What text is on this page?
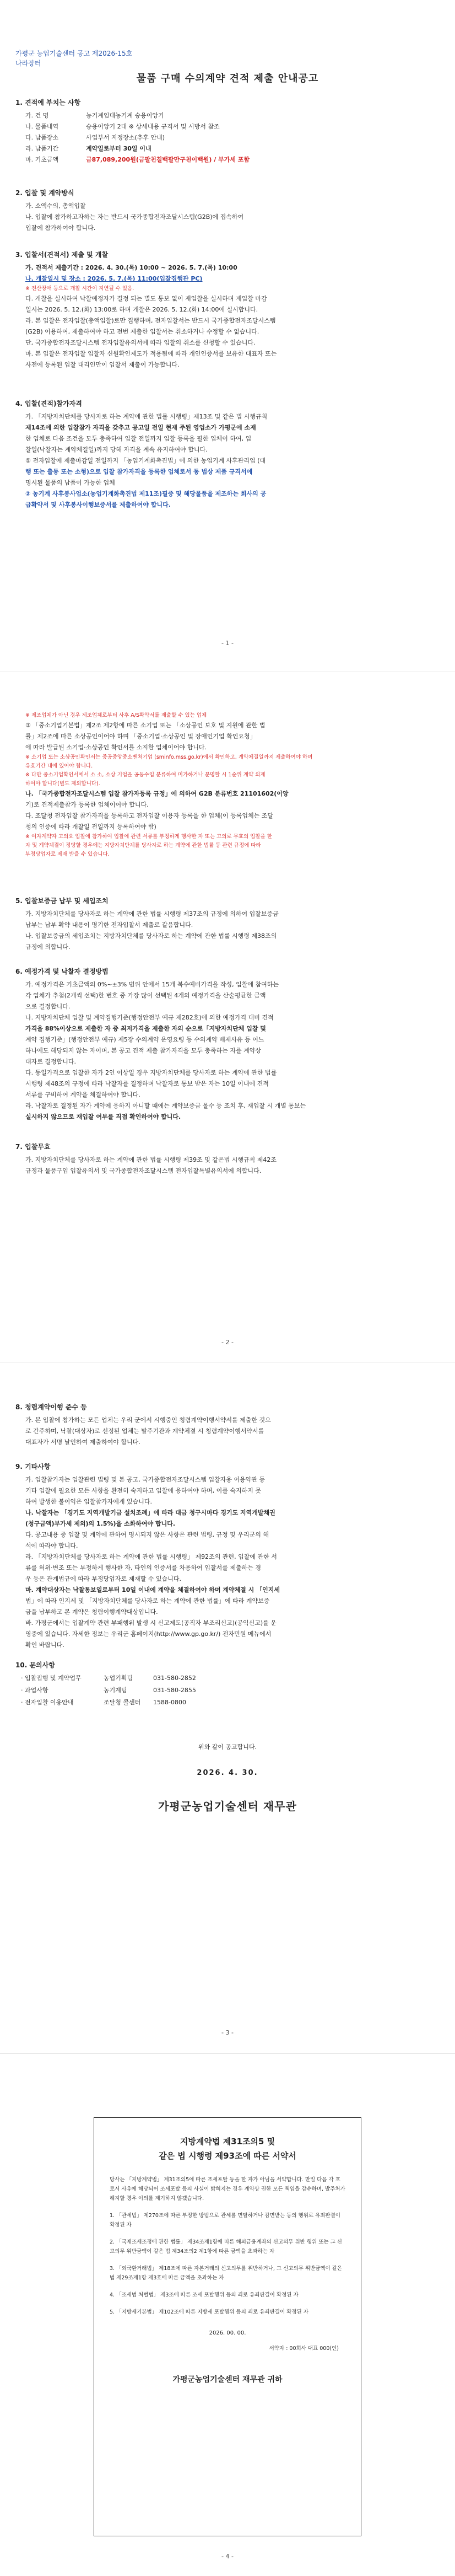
가평군 농업기술센터 공고 제2026-15호
나라장터
물품 구매 수의계약 견적 제출 안내공고
1. 견적에 부치는 사항
가. 건 명	농기계임대농기계 숭용이앙기
나. 물품내역	승용이앙기 2대 ※ 상세내용 규격서 및 시방서 참조
다. 납품장소	사업부서 지정장소(추후 안내)
라. 납품기간	계약일로부터 30일 이내
마. 기초금액	금87,089,200원(금팔천칠백팔만구천이백원) / 부가세 포함
2. 입찰 및 계약방식
가. 소액수의, 총액입찰
나. 입찰에 참가하고자하는 자는 반드시 국가종합전자조달시스템(G2B)에 접속하여
입찰에 참가하여야 합니다.
3. 입찰서(견적서) 제출 및 개찰
가. 견적서 제출기간 : 2026. 4. 30.(목) 10:00 ~ 2026. 5. 7.(목) 10:00
나. 개찰일시 및 장소 : 2026. 5. 7.(목) 11:00(입찰집행관 PC)
※ 전산장애 등으로 개찰 시간이 지연될 수 있음.
다. 개찰을 실시하여 낙찰예정자가 결정 되는 별도 통보 없이 재입찰을 실시하며 재입찰 마감
일시는 2026. 5. 12.(화) 13:00로 하며 개찰은 2026. 5. 12.(화) 14:00에 실시합니다.
라. 본 입찰은 전자입찰(총액입찰)로만 집행하며, 전자입찰서는 반드시 국가종합전자조달시스템
(G2B) 이용하여, 제출하여야 하고 전번 제출한 입찰서는 취소하거나 수정할 수 없습니다.
단, 국가종합전자조달시스템 전자입찰유의서에 따라 입찰의 취소를 신청할 수 있습니다.
마. 본 입찰은 전자입찰 입찰자 신원확인제도가 적용됨에 따라 개인인증서를 보유한 대표자 또는
사전에 등록된 입찰 대리인만이 입찰서 제출이 가능합니다.
4. 입찰(견적)참가자격
가. 「지방자치단체를 당사자로 하는 계약에 관한 법률 시행령」제13조 및 같은 법 시행규칙
제14조에 의한 입찰참가 자격을 갖추고 공고일 전일 현재 주된 영업소가 가평군에 소재
한 업체로 다음 조건을 모두 충족하여 입찰 전일까지 입찰 등록을 필한 업체이 하여, 입
찰일(낙찰자는 계약체결일)까지 당해 자격을 계속 유지하여야 합니다.
① 전자입찰에 제출마감일 전일까지 「농업기계화촉진법」에 의한 농업기계 사후관리업 (대
행 또는 출동 또는 소형)으로 입찰 참가자격을 등록한 업체로서 동 법상 제품 규격서에
명시된 물품의 납품이 가능한 업체
② 농기계 사후봉사업소(농업기계화촉진법 제11조)필증 및 해당물품을 제조하는 회사의 공
급확약서 및 사후봉사이행보증서를 제출하여야 합니다.
- 1 -
※ 제조업체가 아닌 경우 제조업체로부터 사후 A/S확약서를 제출할 수 있는 업체
③ 「중소기업기본법」제2조 제2항에 따른 소기업 또는 「소상공인 보호 및 지원에 관한 법
률」제2조에 따른 소상공인이어야 하며 「중소기업·소상공인 및 장애인기업 확인요청」
에 따라 발급된 소기업·소상공인 확인서를 소지한 업체이어야 합니다.
※ 소기업 또는 소상공인확인서는 중공중앙중소벤처기업 (sminfo.mss.go.kr)에서 확인하고, 계약체결일까지 제출하여야 하며
유효기간 내에 있어야 합니다.
※ 다만 중소기업확인서에서 소 소, 소상 기업을 공동수입 분류하여 미가하거나 분명할 시 1순위 계약 의제
하여야 합니다(별도 제외합니다).
나. 「국가종합전자조달시스템 입찰 참가자등록 규정」에 의하여 G2B 분류번호 21101602(이앙
기)로 견적제출참가 등록한 업체이어야 합니다.
다. 조달청 전자입찰 참가자격을 등록하고 전자입찰 이용자 등록을 한 업체(이 등록업체는 조달
청의 인증에 따라 개찰일 전일까지 등록하여야 함)
※ 여자계약자 고의요 입찰에 참가하여 입찰에 관련 서류를 부정하게 행사한 자 또는 고의로 무효의 입찰을 한
자 및 계약체결이 정당할 경우에는 지방자치단체를 당사자로 하는 계약에 관한 법률 등 관련 규정에 따라
부정당업자로 제재 받을 수 있습니다.
5. 입찰보증금 납부 및 세입조치
가. 지방자치단체를 당사자로 하는 계약에 관한 법률 시행령 제37조의 규정에 의하여 입찰보증금
납부는 납부 확약 내용이 명기한 전자입찰서 제출로 갈음합니다.
나. 입찰보증금의 세입조치는 지방자치단체를 당사자로 하는 계약에 관한 법률 시행령 제38조의
규정에 의합니다.
6. 예정가격 및 낙찰자 결정방법
가. 예정가격은 기초금액의 0%~±3% 범위 안에서 15개 복수예비가격을 작성, 입찰에 참여하는
각 업체가 추첨(2개씩 선택)한 번호 중 가장 많이 선택된 4개의 예정가격을 산술평균한 금액
으로 결정합니다.
나. 지방자치단체 입찰 및 계약집행기준(행정안전부 예규 제282호)에 의한 예정가격 대비 견적
가격을 88%이상으로 제출한 자 중 최저가격을 제출한 자의 순으로「지방자치단체 입찰 및
계약 집행기준」(행정안전부 예규) 제5장 수의계약 운영요령 등 수의계약 배제사유 등 어느
하나에도 해당되지 않는 자이며, 본 공고 견적 제출 참가자격을 모두 충족하는 자를 계약상
대자로 결정합니다.
다. 동일가격으로 입찰한 자가 2인 이상일 경우 지방자치단체를 당사자로 하는 계약에 관한 법률
시행령 제48조의 규정에 따라 낙찰자를 결정하며 낙찰자로 통보 받은 자는 10일 이내에 견적
서류를 구비하여 계약을 체결하여야 합니다.
라. 낙찰자로 결정된 자가 계약에 응하지 아니할 때에는 계약보증금 몰수 등 조치 후, 재입찰 시 개별 통보는
실시하지 않으므로 재입찰 여부를 직접 확인하여야 합니다.
7. 입찰무효
가. 지방자치단체를 당사자로 하는 계약에 관한 법률 시행령 제39조 및 같은법 시행규칙 제42조
규정과 물품구입 입찰유의서 및 국가종합전자조달시스템 전자입찰특별유의서에 의합니다.
- 2 -
8. 청렴계약이행 준수 등
가. 본 입찰에 참가하는 모든 업체는 우리 군에서 시행중인 청렴계약이행서약서를 제출한 것으
로 간주하며, 낙찰(대상자)로 선정된 업체는 발주기관과 계약체결 시 청렴계약이행서약서를
대표자가 서명 날인하여 제출하여야 합니다.
9. 기타사항
가. 입찰참가자는 입찰관련 법령 및 본 공고, 국가종합전자조달시스템 입찰자용 이용약관 등
기타 입찰에 필요한 모든 사항을 완전히 숙지하고 입찰에 응하여야 하며, 이를 숙지하지 못
하여 발생한 불이익은 입찰참가자에게 있습니다.
나. 낙찰자는 「경기도 지역개발기금 설치조례」에 따라 대금 청구시마다 경기도 지역개발채권
(청구금액)부가세 제외)의 1.5%)을 소화하여야 합니다.
다. 공고내용 중 입찰 및 계약에 관하여 명시되지 않은 사항은 관련 법령, 규정 및 우리군의 해
석에 따라야 합니다.
라. 「지방자치단체를 당사자로 하는 계약에 관한 법률 시행령」 제92조의 관련, 입찰에 관한 서
류를 허위·변조 또는 부정하게 행사한 자, 타인의 인증서를 차용하여 입찰서를 제출하는 경
우 등은 관계법규에 따라 부정당업자로 제재할 수 있습니다.
마. 계약대상자는 낙찰통보일로부터 10일 이내에 계약을 체결하여야 하며 계약체결 시 「인지세
법」에 따라 인지세 및 「지방자치단체를 당사자로 하는 계약에 관한 법률」에 따라 계약보증
금을 납부하고 본 계약은 청렴이행계약대상입니다.
바. 가평군에서는 입찰계약 관련 부패행위 발생 시 신고제도(공직자 부조리신고)(공익신고)를 운
영중에 있습니다. 자세한 정보는 우리군 홈페이지(http://www.gp.go.kr/) 전자민원 메뉴에서
확인 바랍니다.
10. 문의사항
· 입찰집행 및 계약업무	농업기획팀	031-580-2852
· 과업사항	농기계팀	031-580-2855
· 전자입찰 이용안내	조달청 콜센터	1588-0800
위와 같이 공고합니다.
2026. 4. 30.
가평군농업기술센터 재무관
- 3 -
지방계약법 제31조의5 및
같은 법 시행령 제93조에 따른 서약서

당사는 「지방계약법」 제31조의5에 따른 조세포탈 등을 한 자가 아님을 서약합니다. 만일 다음 각 호로서 사유에 해당되어 조세포탈 등의 사실이 밝혀지는 경우 계약상 권한 모든 책임을 감수하며, 발주처가 해지할 경우 이의를 제기하지 않겠습니다.

1. 「관세법」 제270조에 따른 부정한 방법으로 관세를 면탈하거나 감면받는 등의 행위로 유죄판결이 확정된 자

2. 「국제조세조정에 관한 법률」 제34조제1항에 따른 해외금융계좌의 신고의무 위반 행위 또는 그 신고의무 위반금액이 같은 법 제34조의2 제1항에 따른 금액을 초과하는 자

3. 「외국환거래법」 제18조에 따른 자본거래의 신고의무를 위반하거나, 그 신고의무 위반금액이 같은 법 제29조제1항 제3호에 따른 금액을 초과하는 자

4. 「조세범 처벌법」 제3조에 따른 조세 포탈행위 등의 죄로 유죄판결이 확정된 자

5. 「지방세기본법」 제102조에 따른 지방세 포탈행위 등의 죄로 유죄판결이 확정된 자

2026. 00. 00.
서약자 : 00회사 대표 000(인)
가평군농업기술센터 재무관 귀하
- 4 -
